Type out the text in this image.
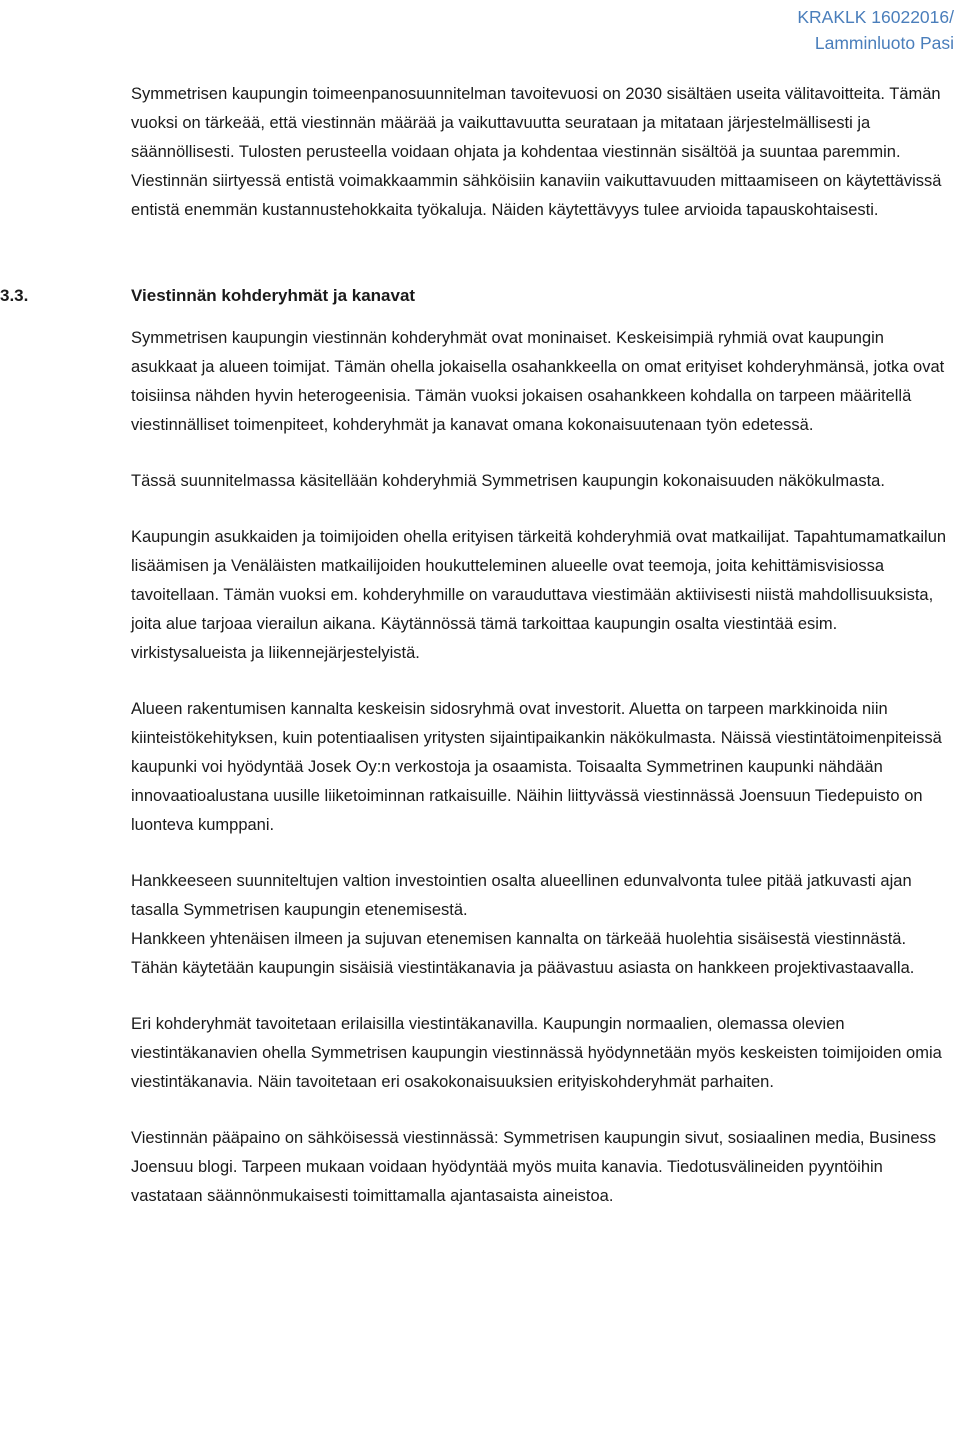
KRAKLK 16022016/
Lamminluoto Pasi

Symmetrisen kaupungin toimeenpanosuunnitelman tavoitevuosi on 2030 sisältäen useita välitavoitteita. Tämän vuoksi on tärkeää, että viestinnän määrää ja vaikuttavuutta seurataan ja mitataan järjestelmällisesti ja säännöllisesti. Tulosten perusteella voidaan ohjata ja kohdentaa viestinnän sisältöä ja suuntaa paremmin. Viestinnän siirtyessä entistä voimakkaammin sähköisiin kanaviin vaikuttavuuden mittaamiseen on käytettävissä entistä enemmän kustannustehokkaita työkaluja. Näiden käytettävyys tulee arvioida tapauskohtaisesti.

3.3.	Viestinnän kohderyhmät ja kanavat

Symmetrisen kaupungin viestinnän kohderyhmät ovat moninaiset. Keskeisimpiä ryhmiä ovat kaupungin asukkaat ja alueen toimijat. Tämän ohella jokaisella osahankkeella on omat erityiset kohderyhmänsä, jotka ovat toisiinsa nähden hyvin heterogeenisia. Tämän vuoksi jokaisen osahankkeen kohdalla on tarpeen määritellä viestinnälliset toimenpiteet, kohderyhmät ja kanavat omana kokonaisuutenaan työn edetessä.

Tässä suunnitelmassa käsitellään kohderyhmiä Symmetrisen kaupungin kokonaisuuden näkökulmasta.

Kaupungin asukkaiden ja toimijoiden ohella erityisen tärkeitä kohderyhmiä ovat matkailijat. Tapahtumamatkailun lisäämisen ja Venäläisten matkailijoiden houkutteleminen alueelle ovat teemoja, joita kehittämisvisiossa tavoitellaan. Tämän vuoksi em. kohderyhmille on varauduttava viestimään aktiivisesti niistä mahdollisuuksista, joita alue tarjoaa vierailun aikana. Käytännössä tämä tarkoittaa kaupungin osalta viestintää esim. virkistysalueista ja liikennejärjestelyistä.

Alueen rakentumisen kannalta keskeisin sidosryhmä ovat investorit. Aluetta on tarpeen markkinoida niin kiinteistökehityksen, kuin potentiaalisen yritysten sijaintipaikankin näkökulmasta. Näissä viestintätoimenpiteissä kaupunki voi hyödyntää Josek Oy:n verkostoja ja osaamista. Toisaalta Symmetrinen kaupunki nähdään innovaatioalustana uusille liiketoiminnan ratkaisuille. Näihin liittyvässä viestinnässä Joensuun Tiedepuisto on luonteva kumppani.

Hankkeeseen suunniteltujen valtion investointien osalta alueellinen edunvalvonta tulee pitää jatkuvasti ajan tasalla Symmetrisen kaupungin etenemisestä.

Hankkeen yhtenäisen ilmeen ja sujuvan etenemisen kannalta on tärkeää huolehtia sisäisestä viestinnästä. Tähän käytetään kaupungin sisäisiä viestintäkanavia ja päävastuu asiasta on hankkeen projektivastaavalla.

Eri kohderyhmät tavoitetaan erilaisilla viestintäkanavilla. Kaupungin normaalien, olemassa olevien viestintäkanavien ohella Symmetrisen kaupungin viestinnässä hyödynnetään myös keskeisten toimijoiden omia viestintäkanavia. Näin tavoitetaan eri osakokonaisuuksien erityiskohderyhmät parhaiten.

Viestinnän pääpaino on sähköisessä viestinnässä: Symmetrisen kaupungin sivut, sosiaalinen media, Business Joensuu blogi. Tarpeen mukaan voidaan hyödyntää myös muita kanavia. Tiedotusvälineiden pyyntöihin vastataan säännönmukaisesti toimittamalla ajantasaista aineistoa.
